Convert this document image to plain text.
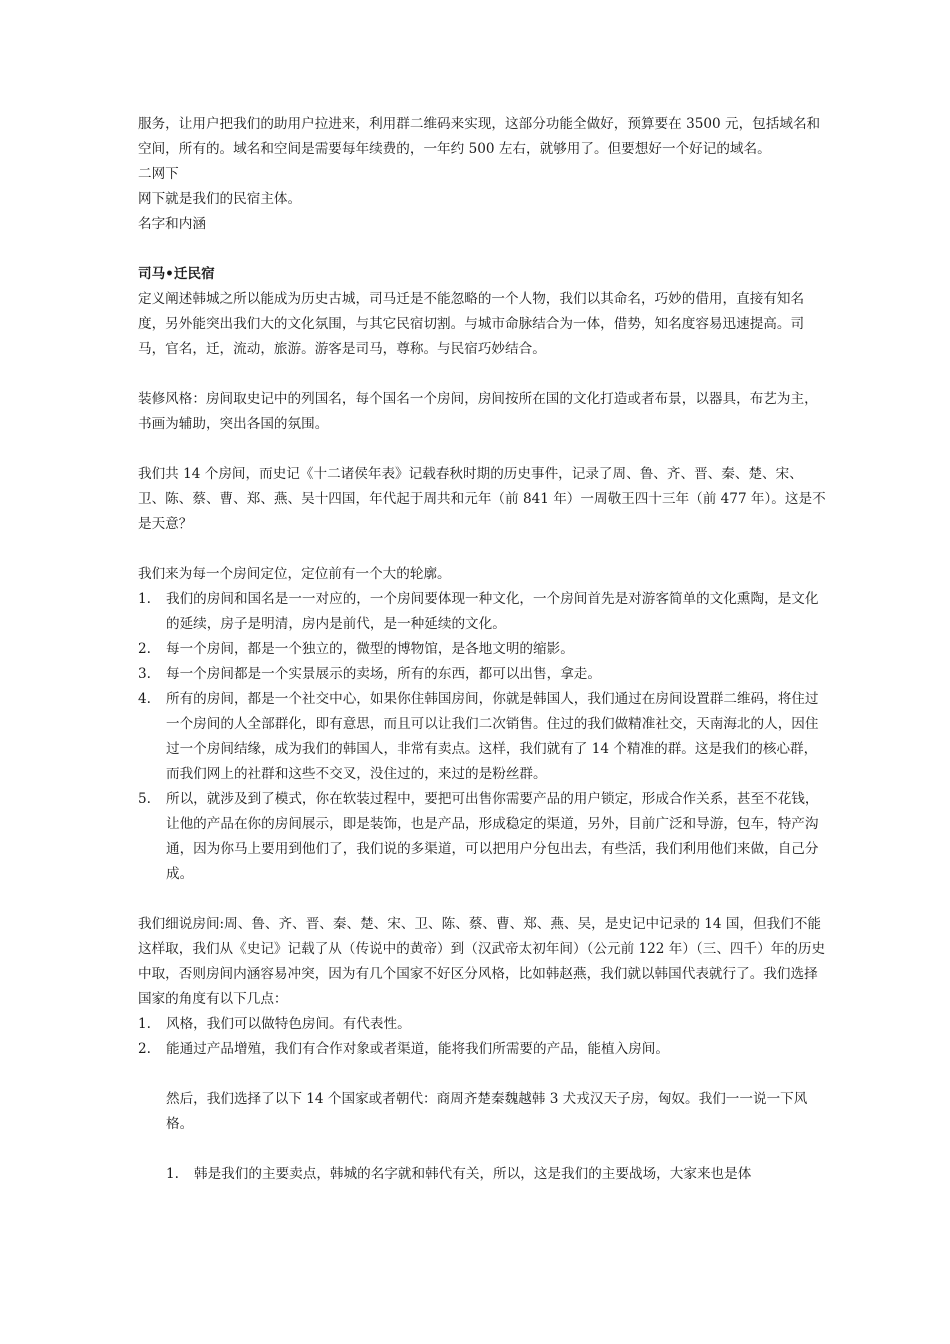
服务，让用户把我们的助用户拉进来，利用群二维码来实现，这部分功能全做好，预算要在 3500 元，包括域名和空间，所有的。域名和空间是需要每年续费的，一年约 500 左右，就够用了。但要想好一个好记的域名。

二网下

网下就是我们的民宿主体。

名字和内涵

司马•迁民宿

定义阐述韩城之所以能成为历史古城，司马迁是不能忽略的一个人物，我们以其命名，巧妙的借用，直接有知名度，另外能突出我们大的文化氛围，与其它民宿切割。与城市命脉结合为一体，借势，知名度容易迅速提高。司马，官名，迁，流动，旅游。游客是司马，尊称。与民宿巧妙结合。

装修风格：房间取史记中的列国名，每个国名一个房间，房间按所在国的文化打造或者布景，以器具，布艺为主，书画为辅助，突出各国的氛围。

我们共 14 个房间，而史记《十二诸侯年表》记载春秋时期的历史事件，记录了周、鲁、齐、晋、秦、楚、宋、卫、陈、蔡、曹、郑、燕、吴十四国，年代起于周共和元年（前 841 年）一周敬王四十三年（前 477 年）。这是不是天意？

我们来为每一个房间定位，定位前有一个大的轮廓。

1. 我们的房间和国名是一一对应的，一个房间要体现一种文化，一个房间首先是对游客简单的文化熏陶，是文化的延续，房子是明清，房内是前代，是一种延续的文化。
2. 每一个房间，都是一个独立的，微型的博物馆，是各地文明的缩影。
3. 每一个房间都是一个实景展示的卖场，所有的东西，都可以出售，拿走。
4. 所有的房间，都是一个社交中心，如果你住韩国房间，你就是韩国人，我们通过在房间设置群二维码，将住过一个房间的人全部群化，即有意思，而且可以让我们二次销售。住过的我们做精准社交，天南海北的人，因住过一个房间结缘，成为我们的韩国人，非常有卖点。这样，我们就有了 14 个精准的群。这是我们的核心群，而我们网上的社群和这些不交叉，没住过的，来过的是粉丝群。
5. 所以，就涉及到了模式，你在软装过程中，要把可出售你需要产品的用户锁定，形成合作关系，甚至不花钱，让他的产品在你的房间展示，即是装饰，也是产品，形成稳定的渠道，另外，目前广泛和导游，包车，特产沟通，因为你马上要用到他们了，我们说的多渠道，可以把用户分包出去，有些活，我们利用他们来做，自己分成。

我们细说房间:周、鲁、齐、晋、秦、楚、宋、卫、陈、蔡、曹、郑、燕、吴，是史记中记录的 14 国，但我们不能这样取，我们从《史记》记载了从（传说中的黄帝）到（汉武帝太初年间）（公元前 122 年）（三、四千）年的历史中取，否则房间内涵容易冲突，因为有几个国家不好区分风格，比如韩赵燕，我们就以韩国代表就行了。我们选择国家的角度有以下几点：

1. 风格，我们可以做特色房间。有代表性。
2. 能通过产品增殖，我们有合作对象或者渠道，能将我们所需要的产品，能植入房间。

然后，我们选择了以下 14 个国家或者朝代：商周齐楚秦魏越韩 3 犬戎汉天子房，匈奴。我们一一说一下风格。

1. 韩是我们的主要卖点，韩城的名字就和韩代有关，所以，这是我们的主要战场，大家来也是体
